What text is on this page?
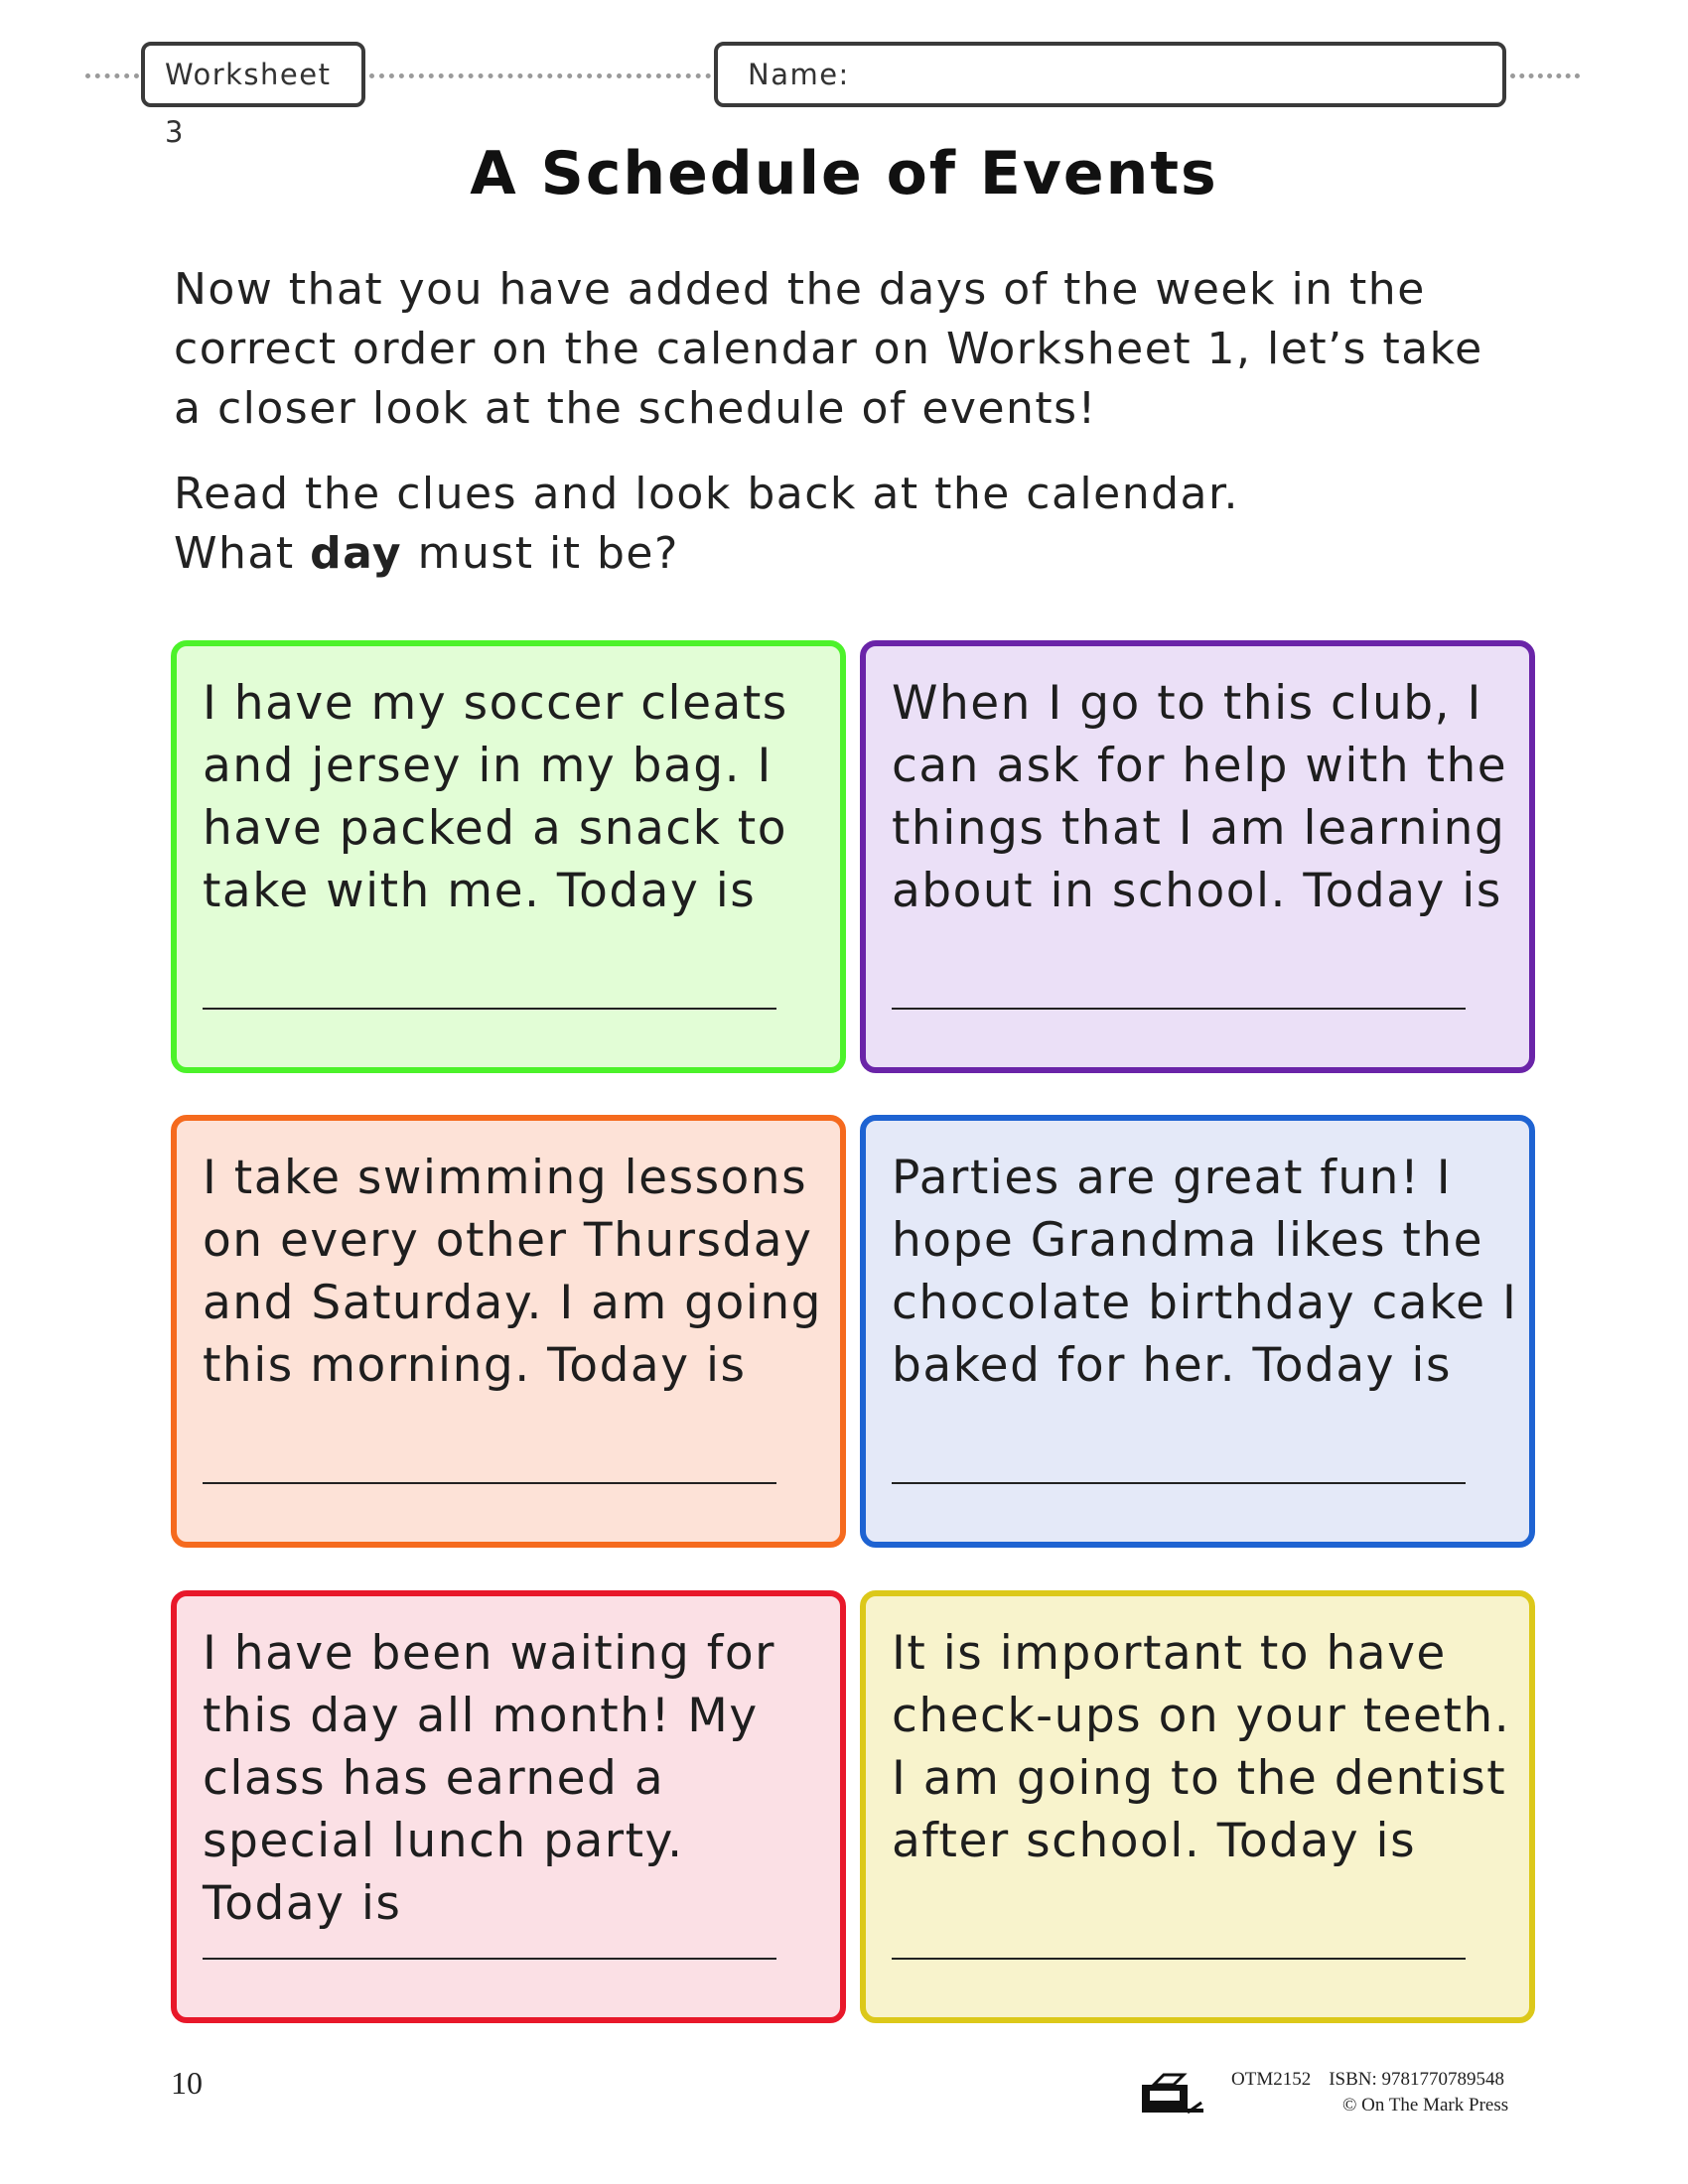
Worksheet 3
Name:
A Schedule of Events

Now that you have added the days of the week in the correct order on the calendar on Worksheet 1, let’s take a closer look at the schedule of events!

Read the clues and look back at the calendar.
What day must it be?

I have my soccer cleats and jersey in my bag. I have packed a snack to take with me. Today is

When I go to this club, I can ask for help with the things that I am learning about in school. Today is

I take swimming lessons on every other Thursday and Saturday. I am going this morning. Today is

Parties are great fun! I hope Grandma likes the chocolate birthday cake I baked for her. Today is

I have been waiting for this day all month! My class has earned a special lunch party. Today is

It is important to have check-ups on your teeth. I am going to the dentist after school. Today is

10	OTM2152 ISBN: 9781770789548
© On The Mark Press
